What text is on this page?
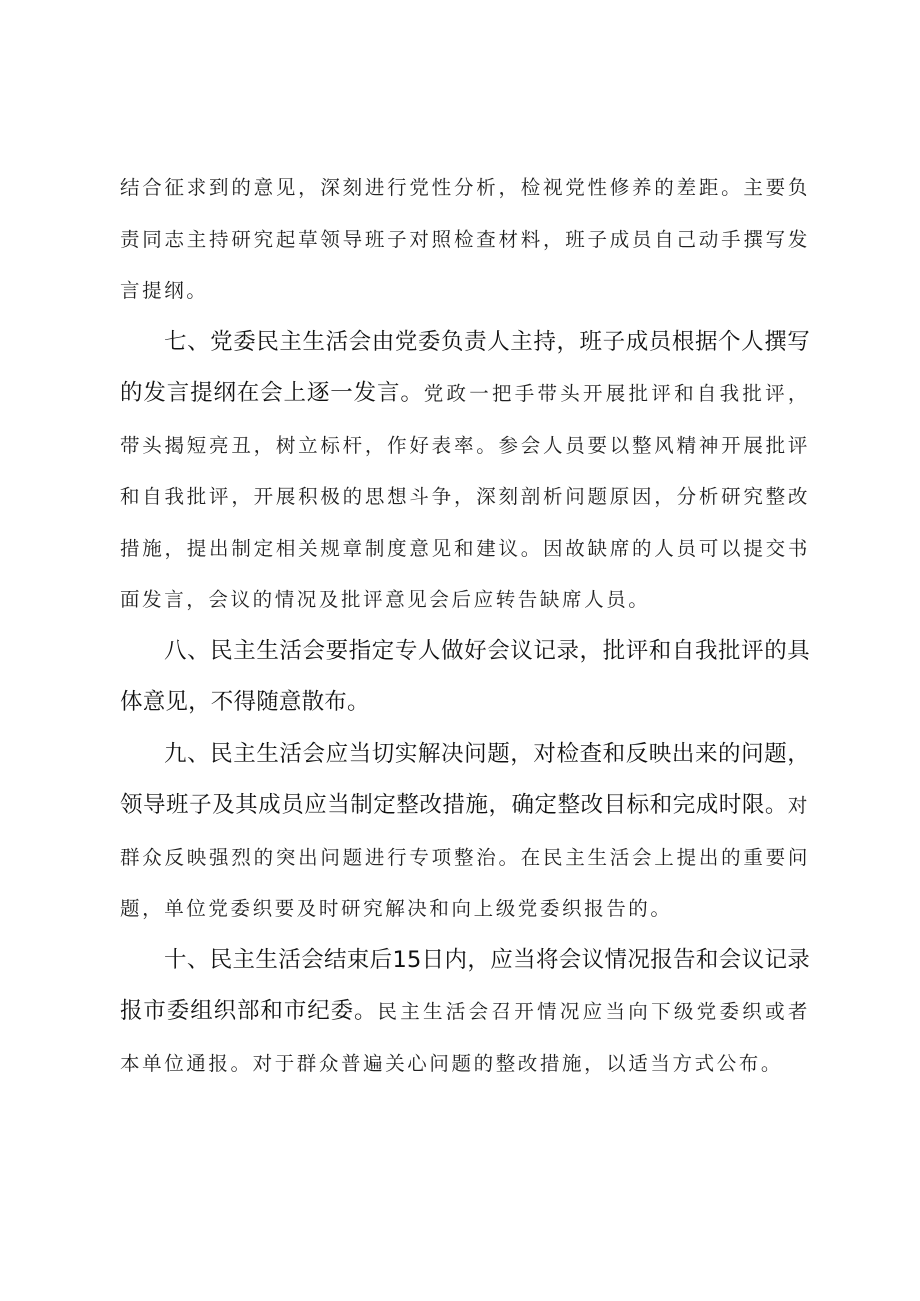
结合征求到的意见，深刻进行党性分析，检视党性修养的差距。主要负责同志主持研究起草领导班子对照检查材料，班子成员自己动手撰写发言提纲。

七、党委民主生活会由党委负责人主持，班子成员根据个人撰写的发言提纲在会上逐一发言。党政一把手带头开展批评和自我批评，带头揭短亮丑，树立标杆，作好表率。参会人员要以整风精神开展批评和自我批评，开展积极的思想斗争，深刻剖析问题原因，分析研究整改措施，提出制定相关规章制度意见和建议。因故缺席的人员可以提交书面发言，会议的情况及批评意见会后应转告缺席人员。

八、民主生活会要指定专人做好会议记录，批评和自我批评的具体意见，不得随意散布。

九、民主生活会应当切实解决问题，对检查和反映出来的问题，领导班子及其成员应当制定整改措施，确定整改目标和完成时限。对群众反映强烈的突出问题进行专项整治。在民主生活会上提出的重要问题，单位党委织要及时研究解决和向上级党委织报告的。

十、民主生活会结束后15日内，应当将会议情况报告和会议记录报市委组织部和市纪委。民主生活会召开情况应当向下级党委织或者本单位通报。对于群众普遍关心问题的整改措施，以适当方式公布。
